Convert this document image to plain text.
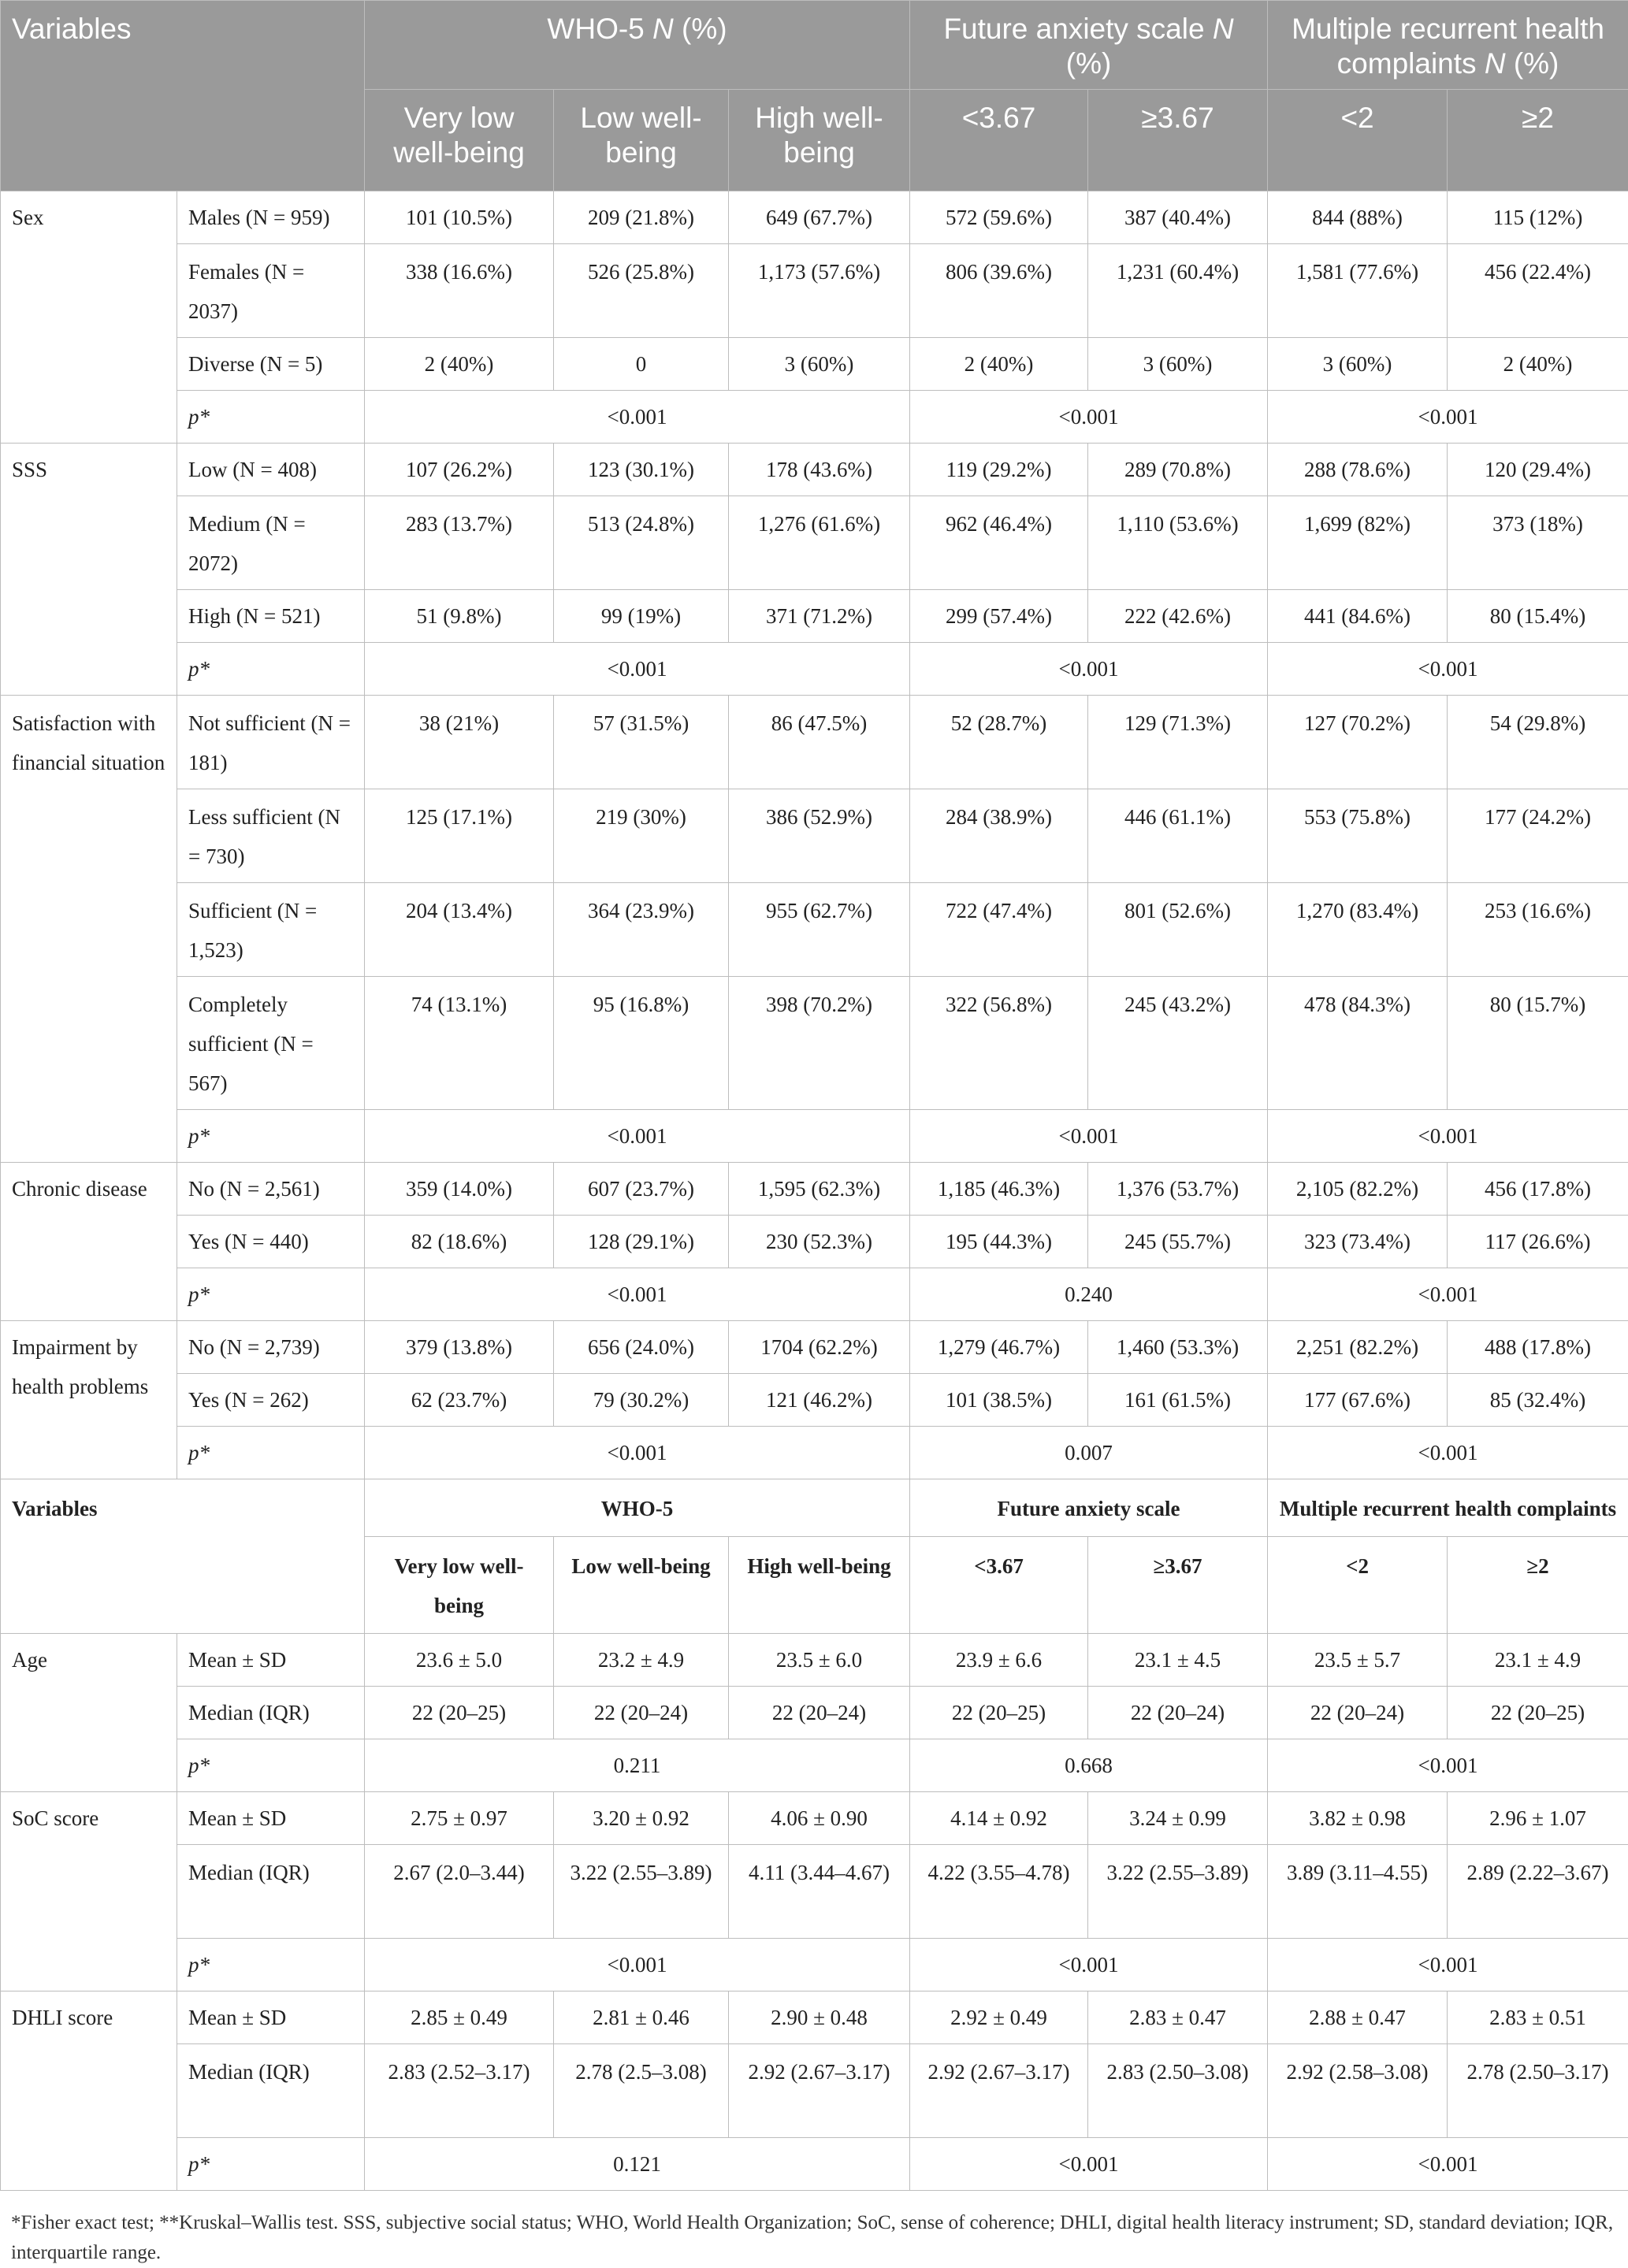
Variables		WHO-5 N (%)			Future anxiety scale N (%)		Multiple recurrent health complaints N (%)	
		Very low well-being	Low well-being	High well-being	<3.67	≥3.67	<2	≥2
Sex	Males (N = 959)	101 (10.5%)	209 (21.8%)	649 (67.7%)	572 (59.6%)	387 (40.4%)	844 (88%)	115 (12%)
	Females (N = 2037)	338 (16.6%)	526 (25.8%)	1,173 (57.6%)	806 (39.6%)	1,231 (60.4%)	1,581 (77.6%)	456 (22.4%)
	Diverse (N = 5)	2 (40%)	0	3 (60%)	2 (40%)	3 (60%)	3 (60%)	2 (40%)
	p*	<0.001			<0.001		<0.001	
SSS	Low (N = 408)	107 (26.2%)	123 (30.1%)	178 (43.6%)	119 (29.2%)	289 (70.8%)	288 (78.6%)	120 (29.4%)
	Medium (N = 2072)	283 (13.7%)	513 (24.8%)	1,276 (61.6%)	962 (46.4%)	1,110 (53.6%)	1,699 (82%)	373 (18%)
	High (N = 521)	51 (9.8%)	99 (19%)	371 (71.2%)	299 (57.4%)	222 (42.6%)	441 (84.6%)	80 (15.4%)
	p*	<0.001			<0.001		<0.001	
Satisfaction with financial situation	Not sufficient (N = 181)	38 (21%)	57 (31.5%)	86 (47.5%)	52 (28.7%)	129 (71.3%)	127 (70.2%)	54 (29.8%)
	Less sufficient (N = 730)	125 (17.1%)	219 (30%)	386 (52.9%)	284 (38.9%)	446 (61.1%)	553 (75.8%)	177 (24.2%)
	Sufficient (N = 1,523)	204 (13.4%)	364 (23.9%)	955 (62.7%)	722 (47.4%)	801 (52.6%)	1,270 (83.4%)	253 (16.6%)
	Completely sufficient (N = 567)	74 (13.1%)	95 (16.8%)	398 (70.2%)	322 (56.8%)	245 (43.2%)	478 (84.3%)	80 (15.7%)
	p*	<0.001			<0.001		<0.001	
Chronic disease	No (N = 2,561)	359 (14.0%)	607 (23.7%)	1,595 (62.3%)	1,185 (46.3%)	1,376 (53.7%)	2,105 (82.2%)	456 (17.8%)
	Yes (N = 440)	82 (18.6%)	128 (29.1%)	230 (52.3%)	195 (44.3%)	245 (55.7%)	323 (73.4%)	117 (26.6%)
	p*	<0.001			0.240		<0.001	
Impairment by health problems	No (N = 2,739)	379 (13.8%)	656 (24.0%)	1704 (62.2%)	1,279 (46.7%)	1,460 (53.3%)	2,251 (82.2%)	488 (17.8%)
	Yes (N = 262)	62 (23.7%)	79 (30.2%)	121 (46.2%)	101 (38.5%)	161 (61.5%)	177 (67.6%)	85 (32.4%)
	p*	<0.001			0.007		<0.001	
Variables		WHO-5			Future anxiety scale		Multiple recurrent health complaints	
		Very low well-being	Low well-being	High well-being	<3.67	≥3.67	<2	≥2
Age	Mean ± SD	23.6 ± 5.0	23.2 ± 4.9	23.5 ± 6.0	23.9 ± 6.6	23.1 ± 4.5	23.5 ± 5.7	23.1 ± 4.9
	Median (IQR)	22 (20–25)	22 (20–24)	22 (20–24)	22 (20–25)	22 (20–24)	22 (20–24)	22 (20–25)
	p*	0.211			0.668		<0.001	
SoC score	Mean ± SD	2.75 ± 0.97	3.20 ± 0.92	4.06 ± 0.90	4.14 ± 0.92	3.24 ± 0.99	3.82 ± 0.98	2.96 ± 1.07
	Median (IQR)	2.67 (2.0–3.44)	3.22 (2.55–3.89)	4.11 (3.44–4.67)	4.22 (3.55–4.78)	3.22 (2.55–3.89)	3.89 (3.11–4.55)	2.89 (2.22–3.67)
	p*	<0.001			<0.001		<0.001	
DHLI score	Mean ± SD	2.85 ± 0.49	2.81 ± 0.46	2.90 ± 0.48	2.92 ± 0.49	2.83 ± 0.47	2.88 ± 0.47	2.83 ± 0.51
	Median (IQR)	2.83 (2.52–3.17)	2.78 (2.5–3.08)	2.92 (2.67–3.17)	2.92 (2.67–3.17)	2.83 (2.50–3.08)	2.92 (2.58–3.08)	2.78 (2.50–3.17)
	p*	0.121			<0.001		<0.001	
*Fisher exact test; **Kruskal–Wallis test. SSS, subjective social status; WHO, World Health Organization; SoC, sense of coherence; DHLI, digital health literacy instrument; SD, standard deviation; IQR, interquartile range.
